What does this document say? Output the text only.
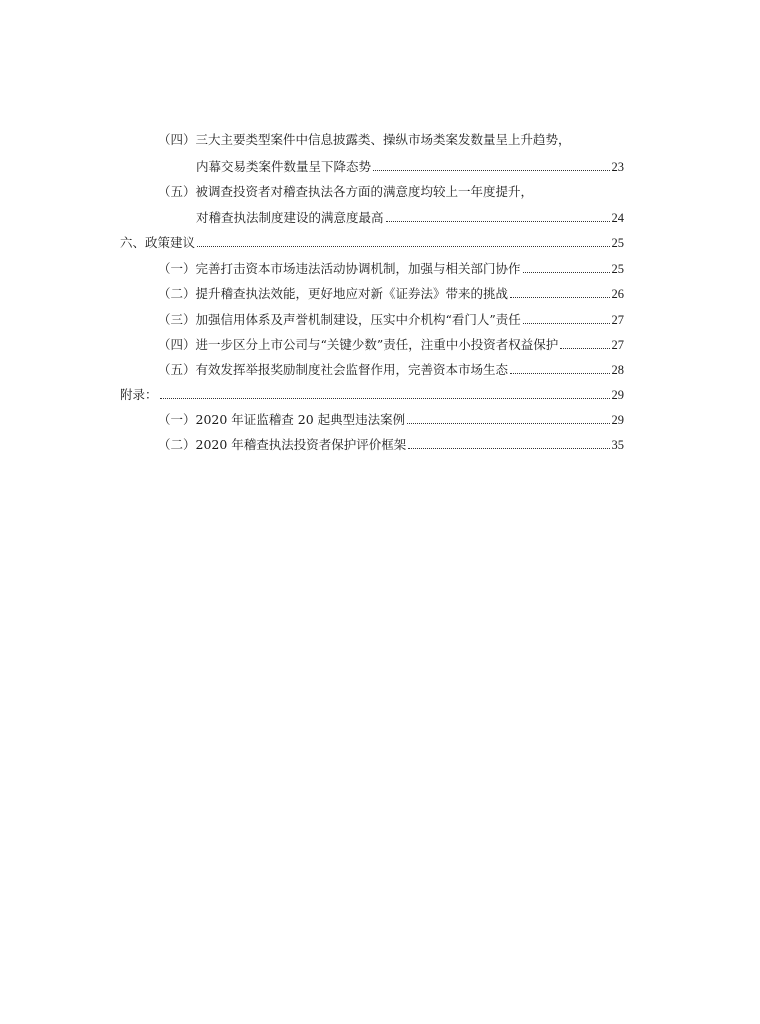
（四）三大主要类型案件中信息披露类、操纵市场类案发数量呈上升趋势，
内幕交易类案件数量呈下降态势	23
（五）被调查投资者对稽查执法各方面的满意度均较上一年度提升，
对稽查执法制度建设的满意度最高	24
六、政策建议	25
（一）完善打击资本市场违法活动协调机制，加强与相关部门协作	25
（二）提升稽查执法效能，更好地应对新《证券法》带来的挑战	26
（三）加强信用体系及声誉机制建设，压实中介机构“看门人”责任	27
（四）进一步区分上市公司与“关键少数”责任，注重中小投资者权益保护	27
（五）有效发挥举报奖励制度社会监督作用，完善资本市场生态	28
附录：	29
（一）2020 年证监稽查 20 起典型违法案例	29
（二）2020 年稽查执法投资者保护评价框架	35
